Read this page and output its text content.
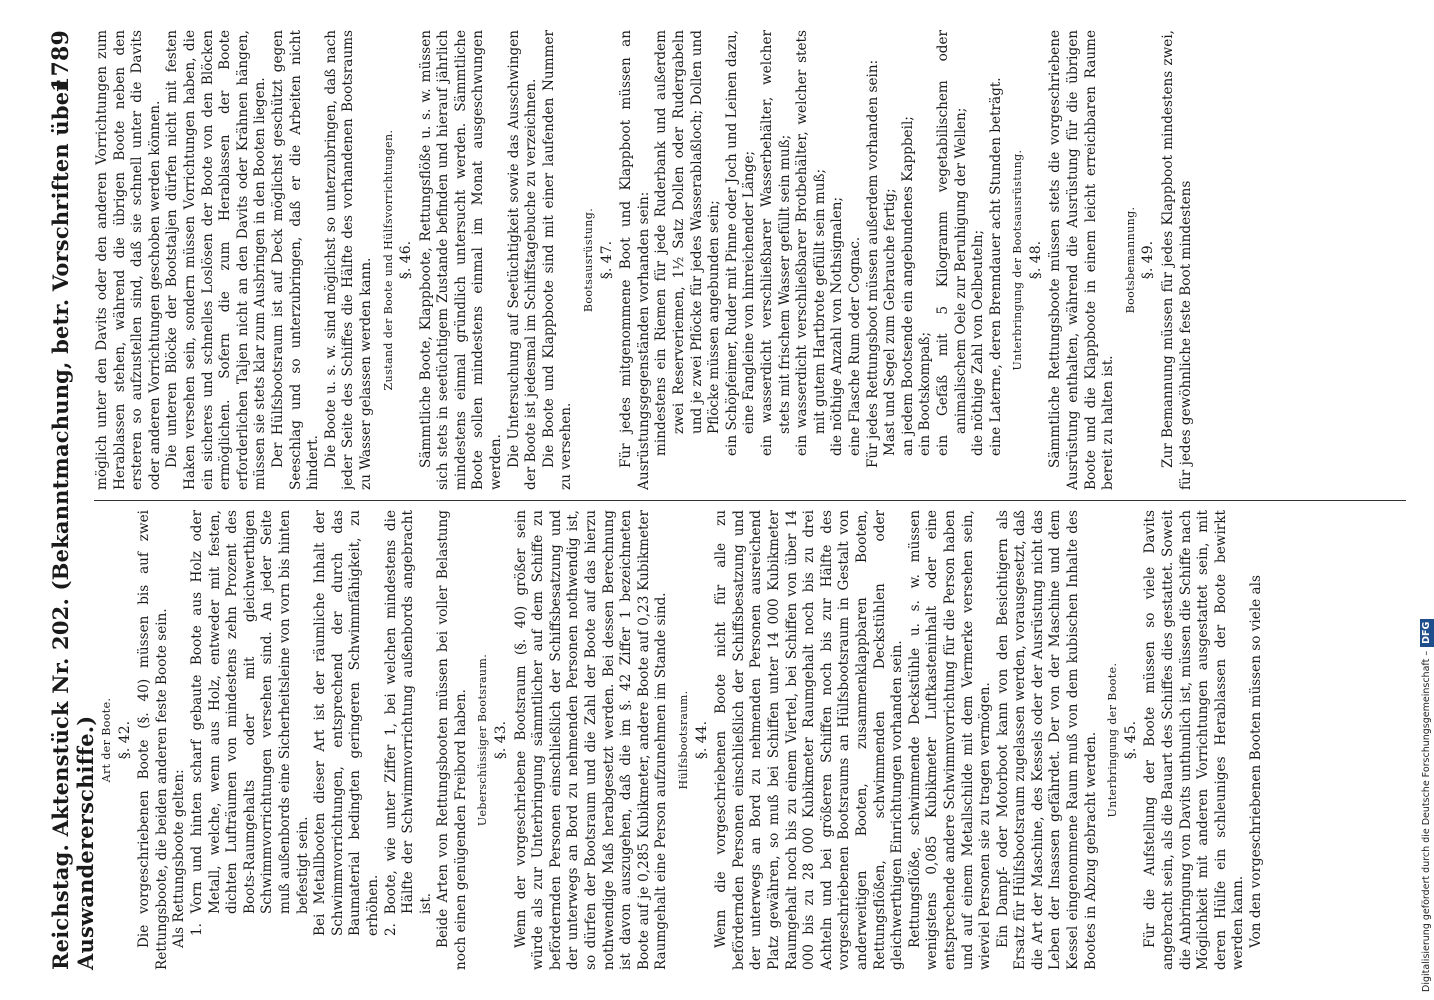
Reichstag. Aktenstück Nr. 202. (Bekanntmachung, betr. Vorschriften über Auswandererschiffe.)
1789
Art der Boote. §. 42. Die vorgeschriebenen Boote (§. 40) müssen bis auf zwei Rettungsboote, die beiden anderen feste Boote sein. Als Rettungsboote gelten: 1. Vorn und hinten scharf gebaute Boote aus Holz oder Metall, welche, wenn aus Holz, entweder mit festen, dichten Lufträumen von mindestens zehn Prozent des Boots-Raumgehalts oder mit gleichwerthigen Schwimmvorrichtungen versehen sind. An jeder Seite muß außenbords eine Sicherheitsleine von vorn bis hinten befestigt sein. Bei Metallbooten dieser Art ist der räumliche Inhalt der Schwimmvorrichtungen, entsprechend der durch das Baumaterial bedingten geringeren Schwimmfähigkeit, zu erhöhen. 2. Boote, wie unter Ziffer 1, bei welchen mindestens die Hälfte der Schwimmvorrichtung außenbords angebracht ist. Beide Arten von Rettungsbooten müssen bei voller Belastung noch einen genügenden Freibord haben. Ueberschüssiger Bootsraum. §. 43. Wenn der vorgeschriebene Bootsraum (§. 40) größer sein würde als zur Unterbringung sämmtlicher auf dem Schiffe zu befördernden Personen einschließlich der Schiffsbesatzung und der unterwegs an Bord zu nehmenden Personen nothwendig ist, so dürfen der Bootsraum und die Zahl der Boote auf das hierzu nothwendige Maß herabgesetzt werden. Bei dessen Berechnung ist davon auszugehen, daß die im §. 42 Ziffer 1 bezeichneten Boote auf je 0,285 Kubikmeter, andere Boote auf 0,23 Kubikmeter Raumgehalt eine Person aufzunehmen im Stande sind. Hülfsbootsraum. §. 44. Wenn die vorgeschriebenen Boote nicht für alle zu befördernden Personen einschließlich der Schiffsbesatzung und der unterwegs an Bord zu nehmenden Personen ausreichend Platz gewähren, so muß bei Schiffen unter 14 000 Kubikmeter Raumgehalt noch bis zu einem Viertel, bei Schiffen von über 14 000 bis zu 28 000 Kubikmeter Raumgehalt noch bis zu drei Achteln und bei größeren Schiffen noch bis zur Hälfte des vorgeschriebenen Bootsraums an Hülfsbootsraum in Gestalt von anderweitigen Booten, zusammenklappbaren Booten, Rettungsflößen, schwimmenden Deckstühlen oder gleichwerthigen Einrichtungen vorhanden sein. Rettungsflöße, schwimmende Deckstühle u. s. w. müssen wenigstens 0,085 Kubikmeter Luftkasteninhalt oder eine entsprechende andere Schwimmvorrichtung für die Person haben und auf einem Metallschilde mit dem Vermerke versehen sein, wieviel Personen sie zu tragen vermögen. Ein Dampf- oder Motorboot kann von den Besichtigern als Ersatz für Hülfsbootsraum zugelassen werden, vorausgesetzt, daß die Art der Maschine, des Kessels oder der Ausrüstung nicht das Leben der Insassen gefährdet. Der von der Maschine und dem Kessel eingenommene Raum muß von dem kubischen Inhalte des Bootes in Abzug gebracht werden. Unterbringung der Boote. §. 45. Für die Aufstellung der Boote müssen so viele Davits angebracht sein, als die Bauart des Schiffes dies gestattet. Soweit die Anbringung von Davits unthunlich ist, müssen die Schiffe nach Möglichkeit mit anderen Vorrichtungen ausgestattet sein, mit deren Hülfe ein schleuniges Herablassen der Boote bewirkt werden kann. Von den vorgeschriebenen Booten müssen so viele als

möglich unter den Davits oder den anderen Vorrichtungen zum Herablassen stehen, während die übrigen Boote neben den ersteren so aufzustellen sind, daß sie schnell unter die Davits oder anderen Vorrichtungen geschoben werden können. Die unteren Blöcke der Bootstaljen dürfen nicht mit festen Haken versehen sein, sondern müssen Vorrichtungen haben, die ein sicheres und schnelles Loslösen der Boote von den Blöcken ermöglichen. Sofern die zum Herablassen der Boote erforderlichen Taljen nicht an den Davits oder Krähnen hängen, müssen sie stets klar zum Ausbringen in den Booten liegen. Der Hülfsbootsraum ist auf Deck möglichst geschützt gegen Seeschlag und so unterzubringen, daß er die Arbeiten nicht hindert. Die Boote u. s. w. sind möglichst so unterzubringen, daß nach jeder Seite des Schiffes die Hälfte des vorhandenen Bootsraums zu Wasser gelassen werden kann. Zustand der Boote und Hülfsvorrichtungen. §. 46. Sämmtliche Boote, Klappboote, Rettungsflöße u. s. w. müssen sich stets in seetüchtigem Zustande befinden und hierauf jährlich mindestens einmal gründlich untersucht werden. Sämmtliche Boote sollen mindestens einmal im Monat ausgeschwungen werden. Die Untersuchung auf Seetüchtigkeit sowie das Ausschwingen der Boote ist jedesmal im Schiffstagebuche zu verzeichnen. Die Boote und Klappboote sind mit einer laufenden Nummer zu versehen.

Bootsausrüstung. §. 47. Für jedes mitgenommene Boot und Klappboot müssen an Ausrüstungsgegenständen vorhanden sein: mindestens ein Riemen für jede Ruderbank und außerdem zwei Reserveriemen, 1½ Satz Dollen oder Rudergabeln und je zwei Pflöcke für jedes Wasserablaßloch; Dollen und Pflöcke müssen angebunden sein; ein Schöpfeimer, Ruder mit Pinne oder Joch und Leinen dazu, eine Fangleine von hinreichender Länge; ein wasserdicht verschließbarer Wasserbehälter, welcher stets mit frischem Wasser gefüllt sein muß; ein wasserdicht verschließbarer Brotbehälter, welcher stets mit gutem Hartbrote gefüllt sein muß; die nöthige Anzahl von Nothsignalen; eine Flasche Rum oder Cognac. Für jedes Rettungsboot müssen außerdem vorhanden sein: Mast und Segel zum Gebrauche fertig; an jedem Bootsende ein angebundenes Kappbeil; ein Bootskompaß; ein Gefäß mit 5 Kilogramm vegetabilischem oder animalischem Oele zur Beruhigung der Wellen; die nöthige Zahl von Oelbeuteln; eine Laterne, deren Brenndauer acht Stunden beträgt. Unterbringung der Bootsausrüstung. §. 48. Sämmtliche Rettungsboote müssen stets die vorgeschriebene Ausrüstung enthalten, während die Ausrüstung für die übrigen Boote und die Klappboote in einem leicht erreichbaren Raume bereit zu halten ist.

Bootsbemannung. §. 49. Zur Bemannung müssen für jedes Klappboot mindestens zwei, für jedes gewöhnliche feste Boot mindestens

Digitalisierung gefördert durch die Deutsche Forschungsgemeinschaft –DFG
